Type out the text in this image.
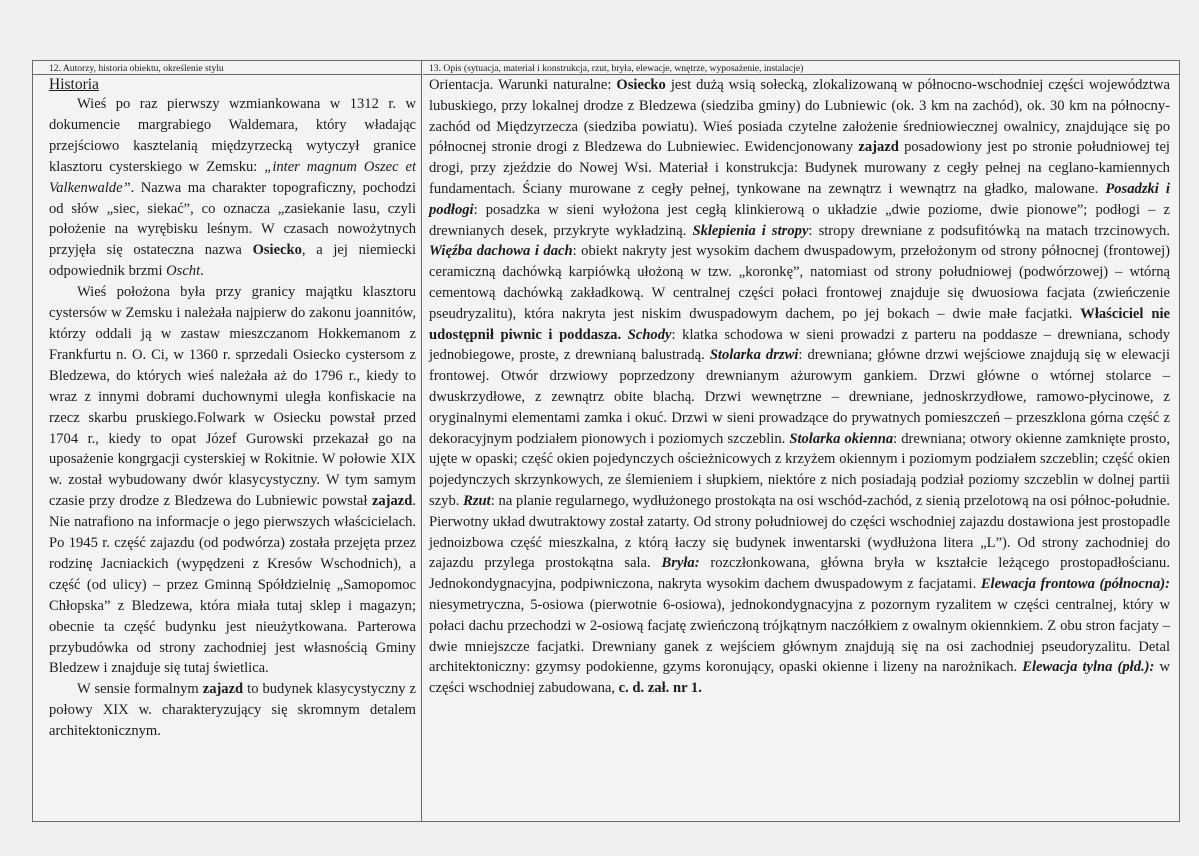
12. Autorzy, historia obiektu, określenie stylu

Historia

Wieś po raz pierwszy wzmiankowana w 1312 r. w dokumencie margrabiego Waldemara, który władając przejściowo kasztelanią międzyrzecką wytyczył granice klasztoru cysterskiego w Zemsku: „inter magnum Oszec et Valkenwalde”. Nazwa ma charakter topograficzny, pochodzi od słów „siec, siekać”, co oznacza „zasiekanie lasu, czyli położenie na wyrębisku leśnym. W czasach nowożytnych przyjęła się ostateczna nazwa Osiecko, a jej niemiecki odpowiednik brzmi Oscht.

Wieś położona była przy granicy majątku klasztoru cystersów w Zemsku i należała najpierw do zakonu joannitów, którzy oddali ją w zastaw mieszczanom Hokkemanom z Frankfurtu n. O. Ci, w 1360 r. sprzedali Osiecko cystersom z Bledzewa, do których wieś należała aż do 1796 r., kiedy to wraz z innymi dobrami duchownymi uległa konfiskacie na rzecz skarbu pruskiego.Folwark w Osiecku powstał przed 1704 r., kiedy to opat Józef Gurowski przekazał go na uposażenie kongrgacji cysterskiej w Rokitnie. W połowie XIX w. został wybudowany dwór klasycystyczny. W tym samym czasie przy drodze z Bledzewa do Lubniewic powstał zajazd. Nie natrafiono na informacje o jego pierwszych właścicielach. Po 1945 r. część zajazdu (od podwórza) została przejęta przez rodzinę Jacniackich (wypędzeni z Kresów Wschodnich), a część (od ulicy) – przez Gminną Spółdzielnię „Samopomoc Chłopska” z Bledzewa, która miała tutaj sklep i magazyn; obecnie ta część budynku jest nieużytkowana. Parterowa przybudówka od strony zachodniej jest własnością Gminy Bledzew i znajduje się tutaj świetlica.

W sensie formalnym zajazd to budynek klasycystyczny z połowy XIX w. charakteryzujący się skromnym detalem architektonicznym.

13. Opis (sytuacja, materiał i konstrukcja, rzut, bryła, elewacje, wnętrze, wyposażenie, instalacje)

Orientacja. Warunki naturalne: Osiecko jest dużą wsią sołecką, zlokalizowaną w północno-wschodniej części województwa lubuskiego, przy lokalnej drodze z Bledzewa (siedziba gminy) do Lubniewic (ok. 3 km na zachód), ok. 30 km na północny-zachód od Międzyrzecza (siedziba powiatu). Wieś posiada czytelne założenie średniowiecznej owalnicy, znajdujące się po północnej stronie drogi z Bledzewa do Lubniewiec. Ewidencjonowany zajazd posadowiony jest po stronie południowej tej drogi, przy zjeździe do Nowej Wsi. Materiał i konstrukcja: Budynek murowany z cegły pełnej na ceglano-kamiennych fundamentach. Ściany murowane z cegły pełnej, tynkowane na zewnątrz i wewnątrz na gładko, malowane. Posadzki i podłogi: posadzka w sieni wyłożona jest cegłą klinkierową o układzie „dwie poziome, dwie pionowe”; podłogi – z drewnianych desek, przykryte wykładziną. Sklepienia i stropy: stropy drewniane z podsufitówką na matach trzcinowych. Więźba dachowa i dach: obiekt nakryty jest wysokim dachem dwuspadowym, przełożonym od strony północnej (frontowej) ceramiczną dachówką karpiówką ułożoną w tzw. „koronkę”, natomiast od strony południowej (podwórzowej) – wtórną cementową dachówką zakładkową. W centralnej części połaci frontowej znajduje się dwuosiowa facjata (zwieńczenie pseudryzalitu), która nakryta jest niskim dwuspadowym dachem, po jej bokach – dwie małe facjatki. Właściciel nie udostępnił piwnic i poddasza. Schody: klatka schodowa w sieni prowadzi z parteru na poddasze – drewniana, schody jednobiegowe, proste, z drewnianą balustradą. Stolarka drzwi: drewniana; główne drzwi wejściowe znajdują się w elewacji frontowej. Otwór drzwiowy poprzedzony drewnianym ażurowym gankiem. Drzwi główne o wtórnej stolarce – dwuskrzydłowe, z zewnątrz obite blachą. Drzwi wewnętrzne – drewniane, jednoskrzydłowe, ramowo-płycinowe, z oryginalnymi elementami zamka i okuć. Drzwi w sieni prowadzące do prywatnych pomieszczeń – przeszklona górna część z dekoracyjnym podziałem pionowych i poziomych szczeblin. Stolarka okienna: drewniana; otwory okienne zamknięte prosto, ujęte w opaski; część okien pojedynczych ościeżnicowych z krzyżem okiennym i poziomym podziałem szczeblin; część okien pojedynczych skrzynkowych, ze ślemieniem i słupkiem, niektóre z nich posiadają podział poziomy szczeblin w dolnej partii szyb. Rzut: na planie regularnego, wydłużonego prostokąta na osi wschód-zachód, z sienią przelotową na osi północ-południe. Pierwotny układ dwutraktowy został zatarty. Od strony południowej do części wschodniej zajazdu dostawiona jest prostopadle jednoizbowa część mieszkalna, z którą łaczy się budynek inwentarski (wydłużona litera „L”). Od strony zachodniej do zajazdu przylega prostokątna sala. Bryła: rozczłonkowana, główna bryła w kształcie leżącego prostopadłościanu. Jednokondygnacyjna, podpiwniczona, nakryta wysokim dachem dwuspadowym z facjatami. Elewacja frontowa (północna): niesymetryczna, 5-osiowa (pierwotnie 6-osiowa), jednokondygnacyjna z pozornym ryzalitem w części centralnej, który w połaci dachu przechodzi w 2-osiową facjatę zwieńczoną trójkątnym naczółkiem z owalnym okiennkiem. Z obu stron facjaty – dwie mniejszcze facjatki. Drewniany ganek z wejściem głównym znajdują się na osi zachodniej pseudoryzalitu. Detal architektoniczny: gzymsy podokienne, gzyms koronujący, opaski okienne i lizeny na narożnikach. Elewacja tylna (płd.): w części wschodniej zabudowana, c. d. zał. nr 1.
